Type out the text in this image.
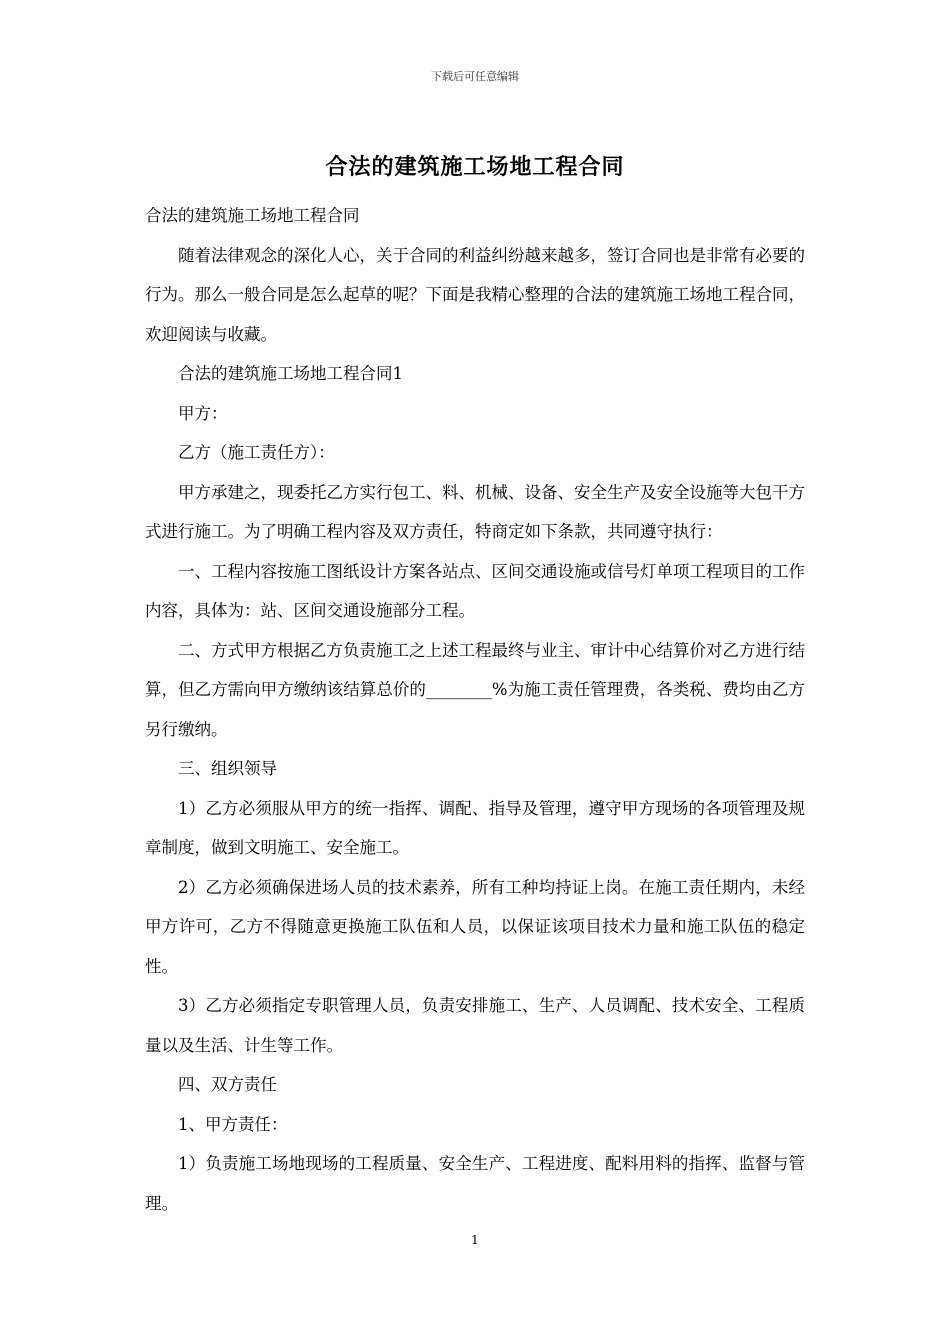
下载后可任意编辑
合法的建筑施工场地工程合同

合法的建筑施工场地工程合同

随着法律观念的深化人心，关于合同的利益纠纷越来越多，签订合同也是非常有必要的行为。那么一般合同是怎么起草的呢？下面是我精心整理的合法的建筑施工场地工程合同，欢迎阅读与收藏。

合法的建筑施工场地工程合同1

甲方：

乙方（施工责任方）：

甲方承建之，现委托乙方实行包工、料、机械、设备、安全生产及安全设施等大包干方式进行施工。为了明确工程内容及双方责任，特商定如下条款，共同遵守执行：

一、工程内容按施工图纸设计方案各站点、区间交通设施或信号灯单项工程项目的工作内容，具体为：站、区间交通设施部分工程。

二、方式甲方根据乙方负责施工之上述工程最终与业主、审计中心结算价对乙方进行结算，但乙方需向甲方缴纳该结算总价的________%为施工责任管理费，各类税、费均由乙方另行缴纳。

三、组织领导

1）乙方必须服从甲方的统一指挥、调配、指导及管理，遵守甲方现场的各项管理及规章制度，做到文明施工、安全施工。

2）乙方必须确保进场人员的技术素养，所有工种均持证上岗。在施工责任期内，未经甲方许可，乙方不得随意更换施工队伍和人员，以保证该项目技术力量和施工队伍的稳定性。

3）乙方必须指定专职管理人员，负责安排施工、生产、人员调配、技术安全、工程质量以及生活、计生等工作。

四、双方责任

1、甲方责任：

1）负责施工场地现场的工程质量、安全生产、工程进度、配料用料的指挥、监督与管理。

1
